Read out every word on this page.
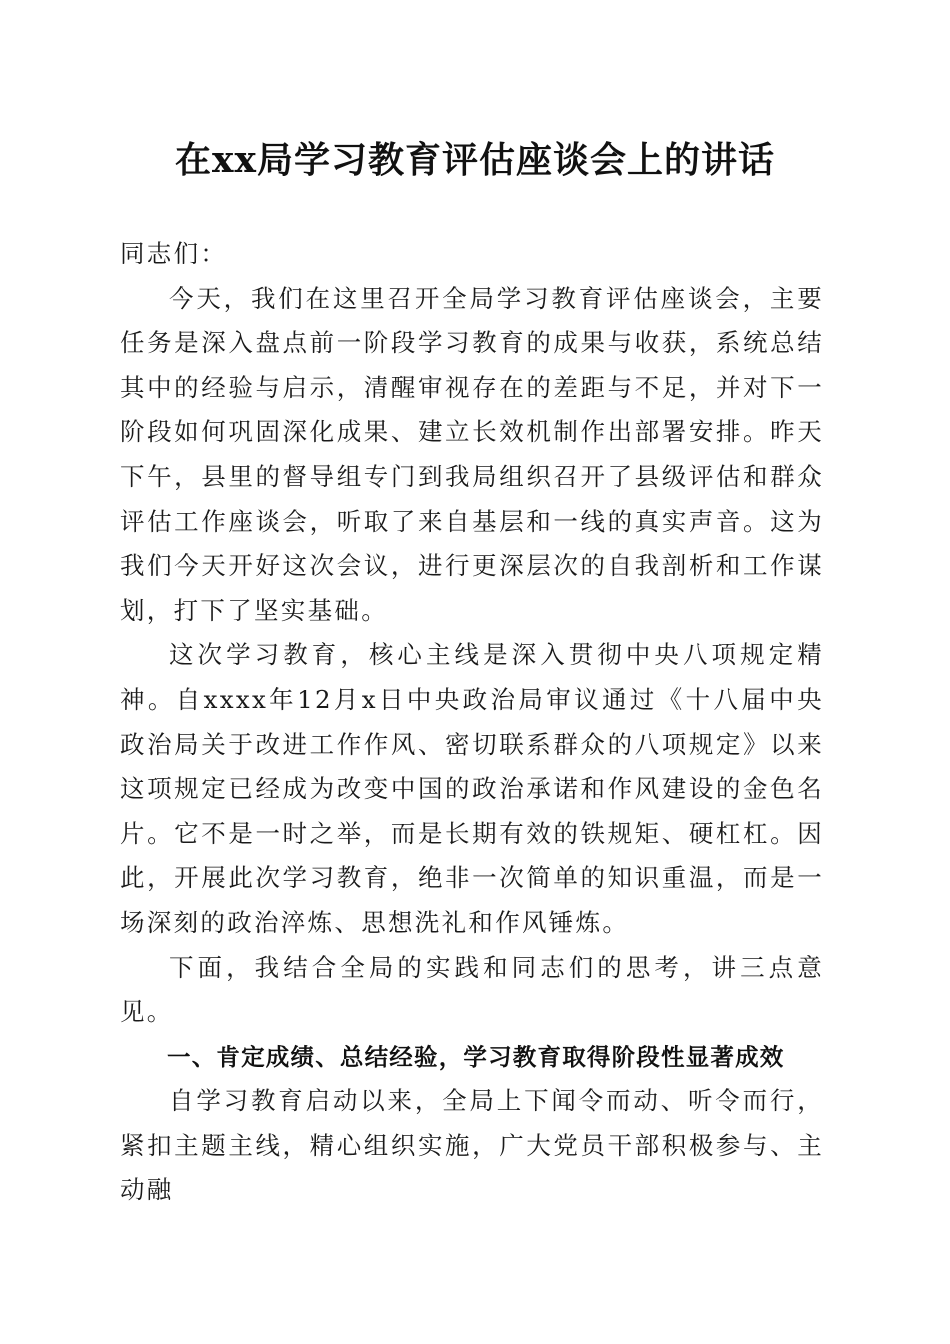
在xx局学习教育评估座谈会上的讲话

同志们：

今天，我们在这里召开全局学习教育评估座谈会，主要任务是深入盘点前一阶段学习教育的成果与收获，系统总结其中的经验与启示，清醒审视存在的差距与不足，并对下一阶段如何巩固深化成果、建立长效机制作出部署安排。昨天下午，县里的督导组专门到我局组织召开了县级评估和群众评估工作座谈会，听取了来自基层和一线的真实声音。这为我们今天开好这次会议，进行更深层次的自我剖析和工作谋划，打下了坚实基础。

这次学习教育，核心主线是深入贯彻中央八项规定精神。自xxxx年12月x日中央政治局审议通过《十八届中央政治局关于改进工作作风、密切联系群众的八项规定》以来这项规定已经成为改变中国的政治承诺和作风建设的金色名片。它不是一时之举，而是长期有效的铁规矩、硬杠杠。因此，开展此次学习教育，绝非一次简单的知识重温，而是一场深刻的政治淬炼、思想洗礼和作风锤炼。

下面，我结合全局的实践和同志们的思考，讲三点意见。

一、肯定成绩、总结经验，学习教育取得阶段性显著成效

自学习教育启动以来，全局上下闻令而动、听令而行，紧扣主题主线，精心组织实施，广大党员干部积极参与、主动融
